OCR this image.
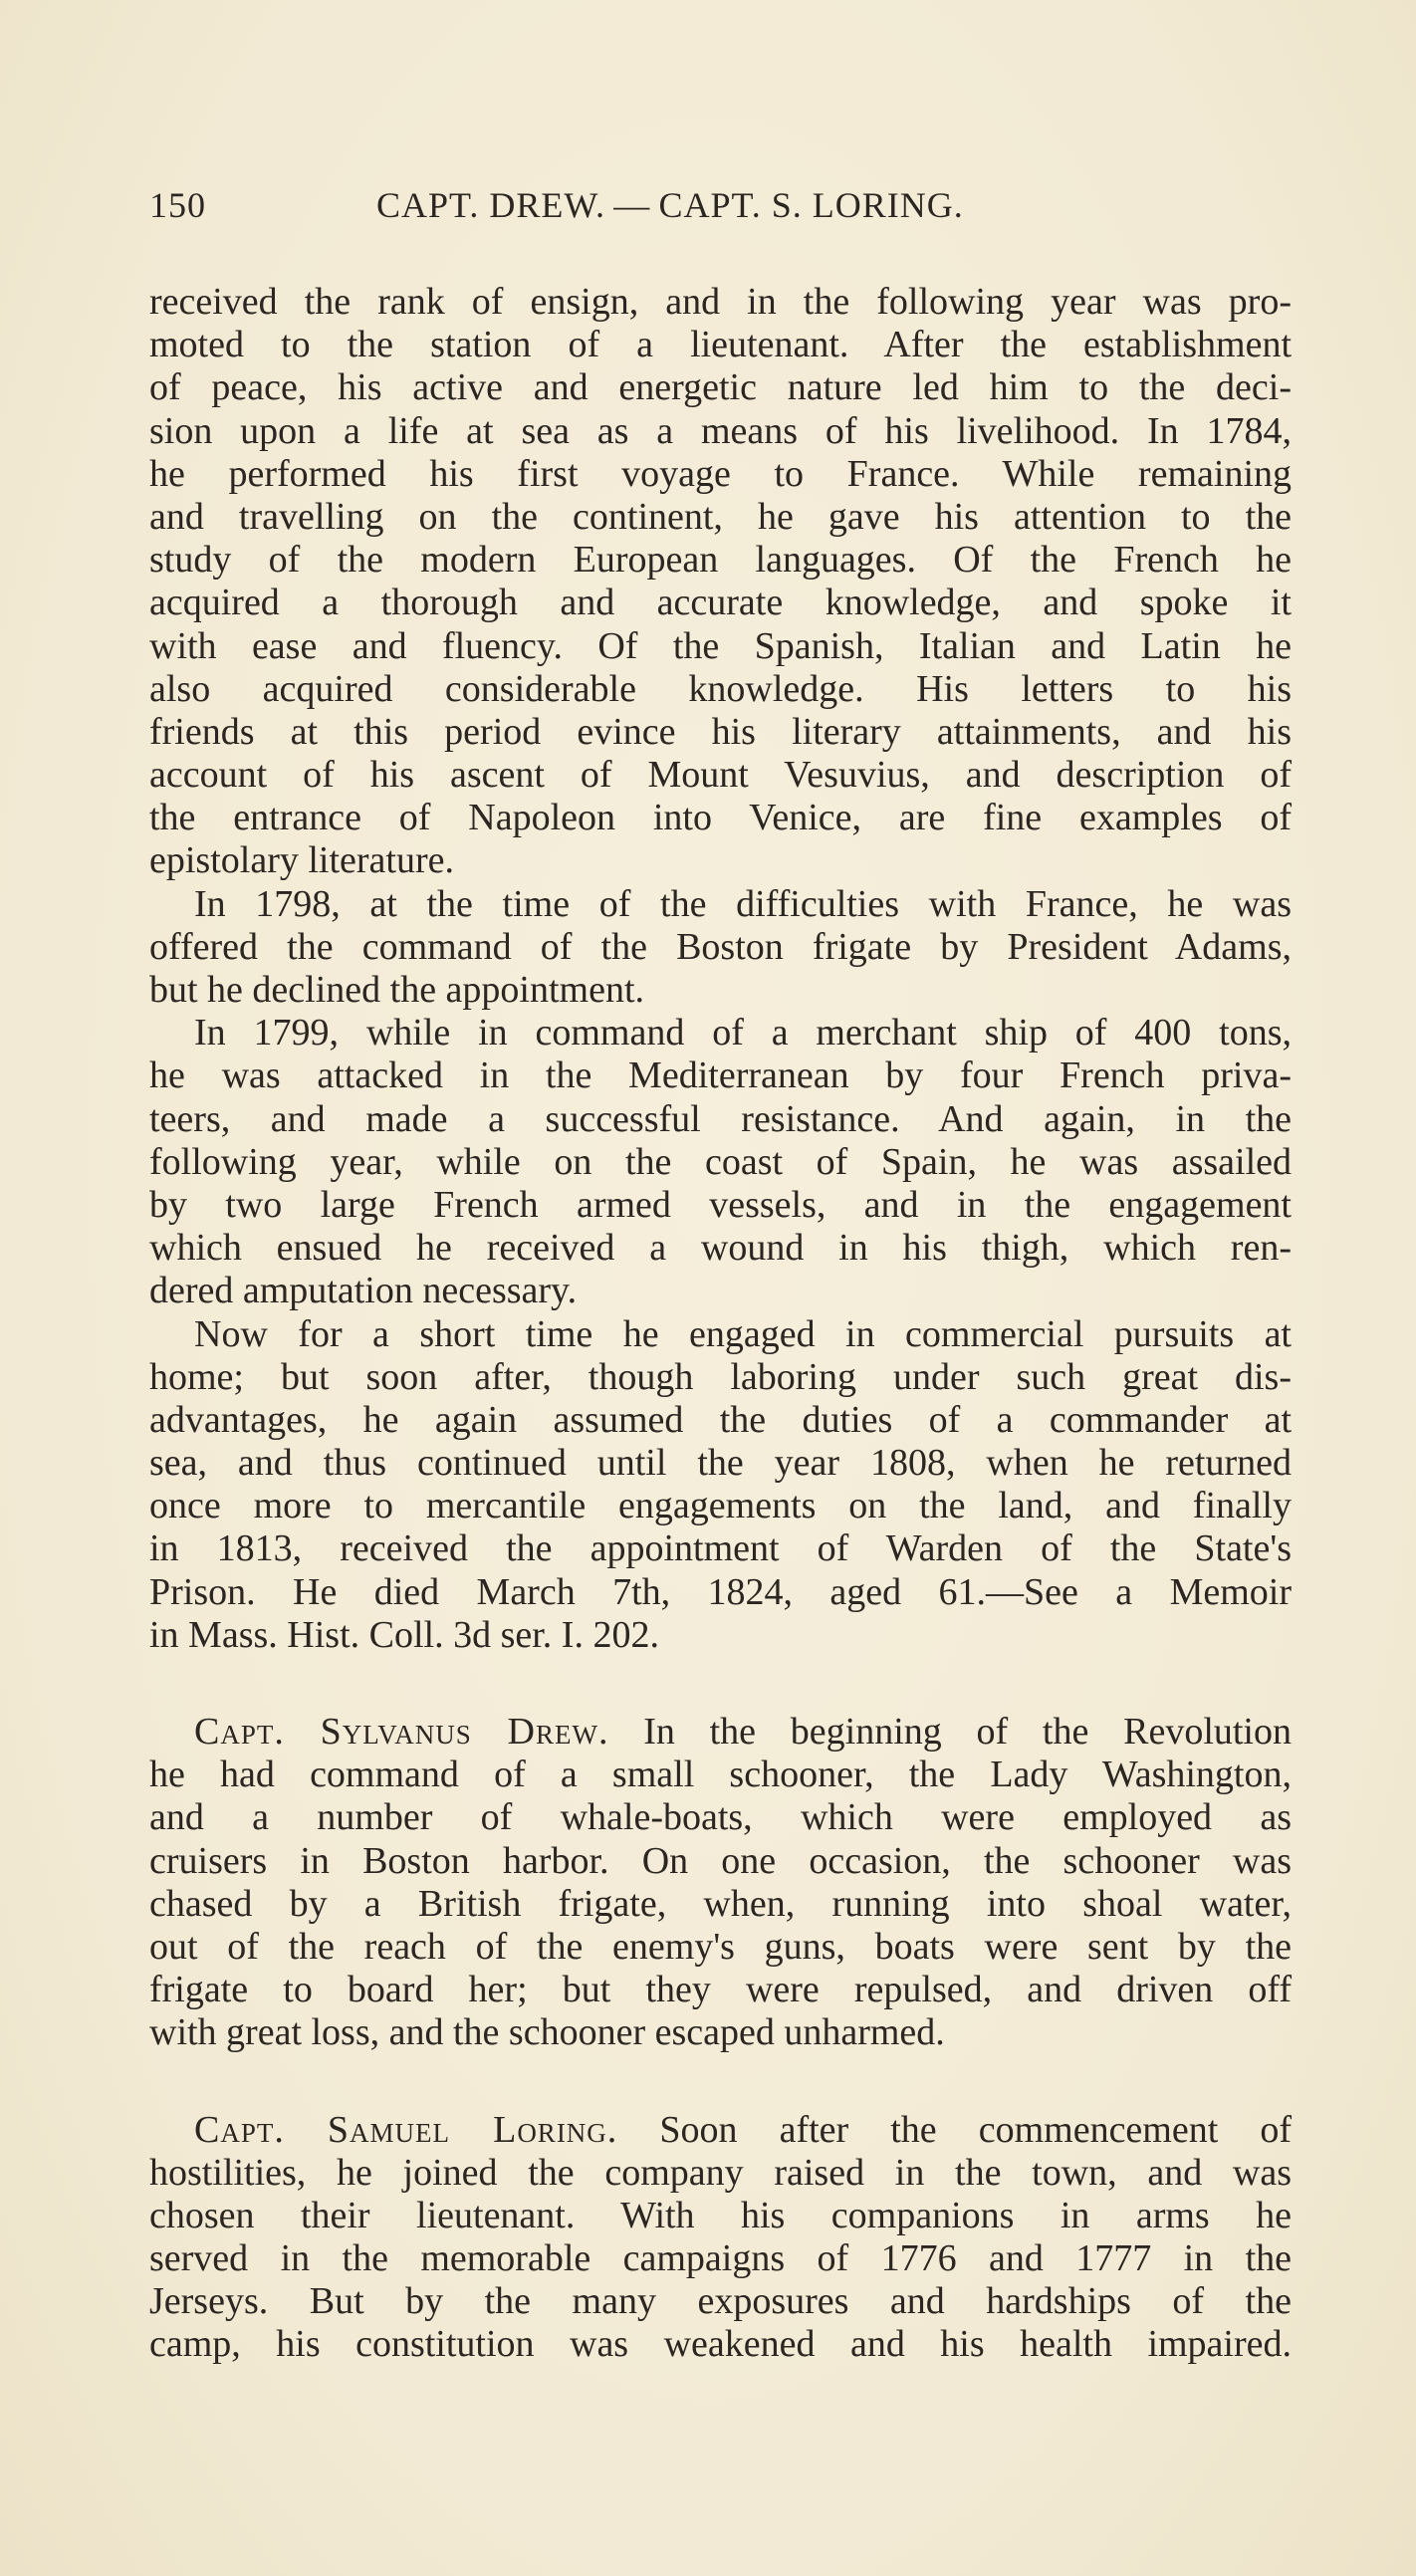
150	CAPT. DREW. — CAPT. S. LORING.
received the rank of ensign, and in the following year was pro-
moted to the station of a lieutenant. After the establishment
of peace, his active and energetic nature led him to the deci-
sion upon a life at sea as a means of his livelihood. In 1784,
he performed his first voyage to France. While remaining
and travelling on the continent, he gave his attention to the
study of the modern European languages. Of the French he
acquired a thorough and accurate knowledge, and spoke it
with ease and fluency. Of the Spanish, Italian and Latin he
also acquired considerable knowledge. His letters to his
friends at this period evince his literary attainments, and his
account of his ascent of Mount Vesuvius, and description of
the entrance of Napoleon into Venice, are fine examples of
epistolary literature.
In 1798, at the time of the difficulties with France, he was
offered the command of the Boston frigate by President Adams,
but he declined the appointment.
In 1799, while in command of a merchant ship of 400 tons,
he was attacked in the Mediterranean by four French priva-
teers, and made a successful resistance. And again, in the
following year, while on the coast of Spain, he was assailed
by two large French armed vessels, and in the engagement
which ensued he received a wound in his thigh, which ren-
dered amputation necessary.
Now for a short time he engaged in commercial pursuits at
home; but soon after, though laboring under such great dis-
advantages, he again assumed the duties of a commander at
sea, and thus continued until the year 1808, when he returned
once more to mercantile engagements on the land, and finally
in 1813, received the appointment of Warden of the State's
Prison. He died March 7th, 1824, aged 61.—See a Memoir
in Mass. Hist. Coll. 3d ser. I. 202.
Capt. Sylvanus Drew. In the beginning of the Revolution
he had command of a small schooner, the Lady Washington,
and a number of whale-boats, which were employed as
cruisers in Boston harbor. On one occasion, the schooner was
chased by a British frigate, when, running into shoal water,
out of the reach of the enemy's guns, boats were sent by the
frigate to board her; but they were repulsed, and driven off
with great loss, and the schooner escaped unharmed.
Capt. Samuel Loring. Soon after the commencement of
hostilities, he joined the company raised in the town, and was
chosen their lieutenant. With his companions in arms he
served in the memorable campaigns of 1776 and 1777 in the
Jerseys. But by the many exposures and hardships of the
camp, his constitution was weakened and his health impaired.
